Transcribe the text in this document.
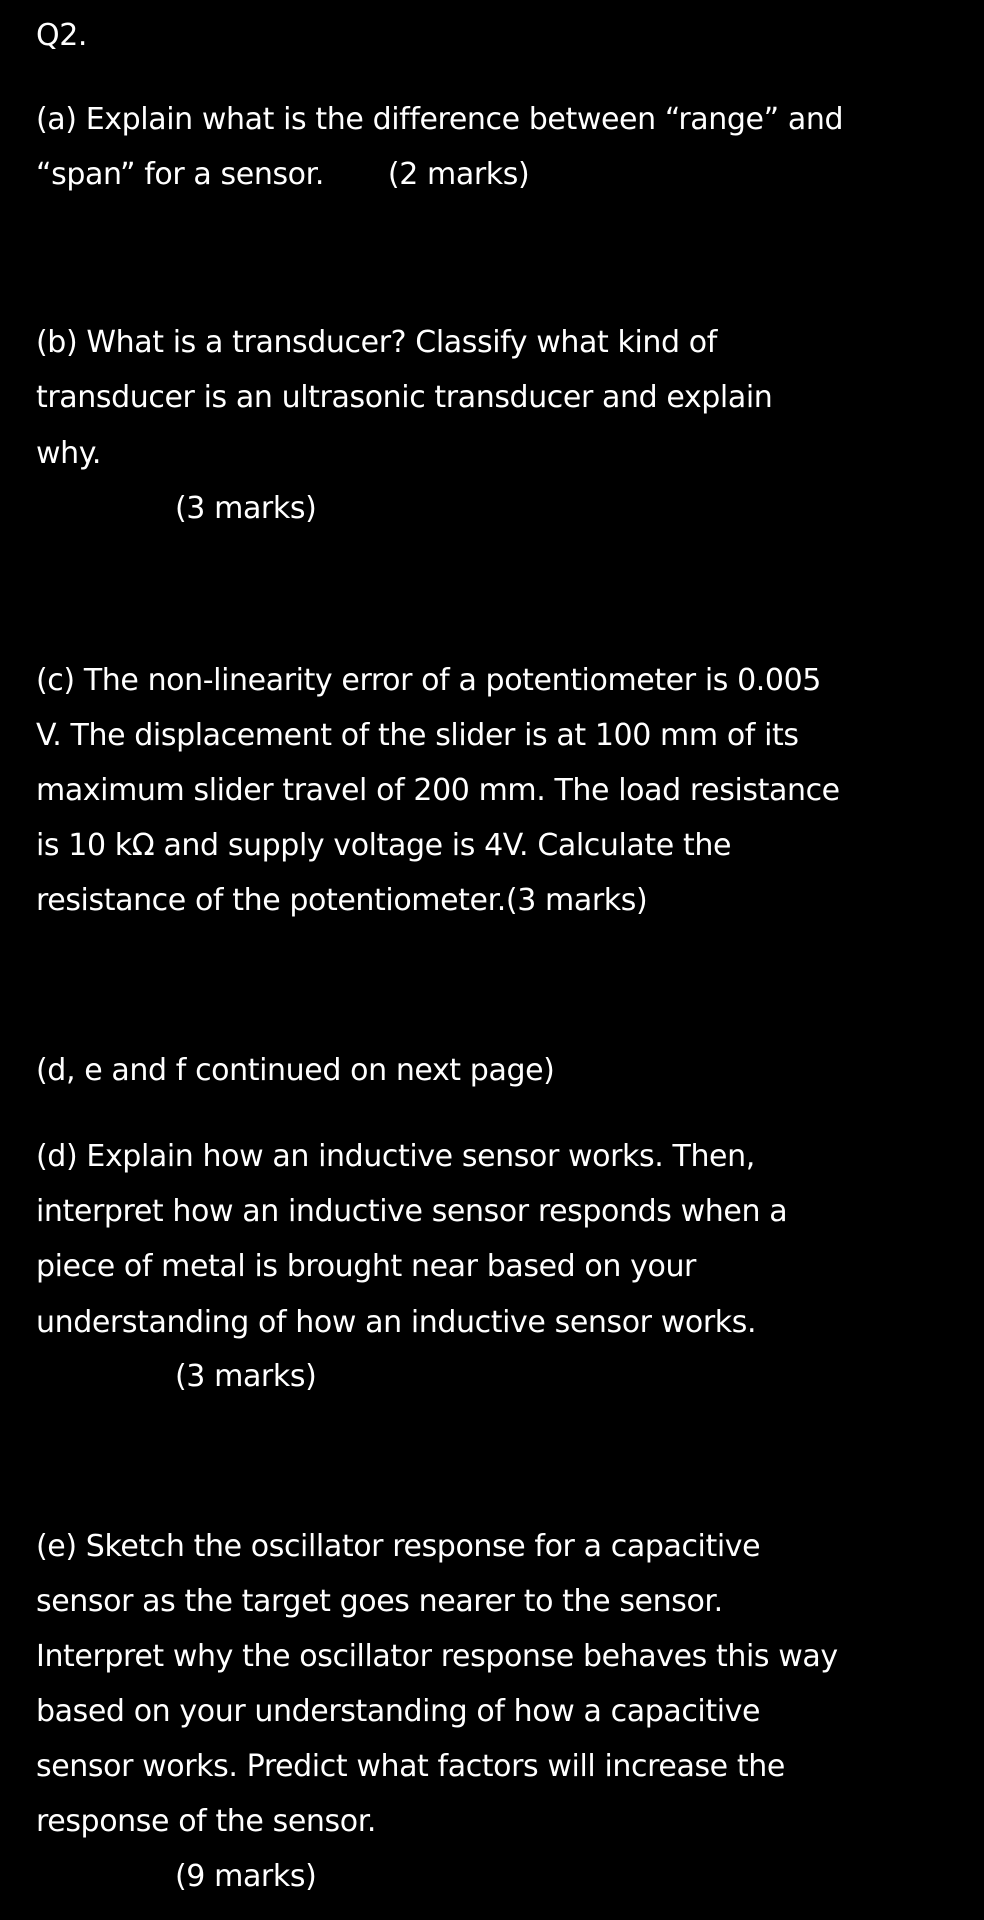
Q2.
(a) Explain what is the difference between “range” and
“span” for a sensor.       (2 marks)
(b) What is a transducer? Classify what kind of
transducer is an ultrasonic transducer and explain
why.
(3 marks)
(c) The non-linearity error of a potentiometer is 0.005
V. The displacement of the slider is at 100 mm of its
maximum slider travel of 200 mm. The load resistance
is 10 kΩ and supply voltage is 4V. Calculate the
resistance of the potentiometer.(3 marks)
(d, e and f continued on next page)
(d) Explain how an inductive sensor works. Then,
interpret how an inductive sensor responds when a
piece of metal is brought near based on your
understanding of how an inductive sensor works.
(3 marks)
(e) Sketch the oscillator response for a capacitive
sensor as the target goes nearer to the sensor.
Interpret why the oscillator response behaves this way
based on your understanding of how a capacitive
sensor works. Predict what factors will increase the
response of the sensor.
(9 marks)
